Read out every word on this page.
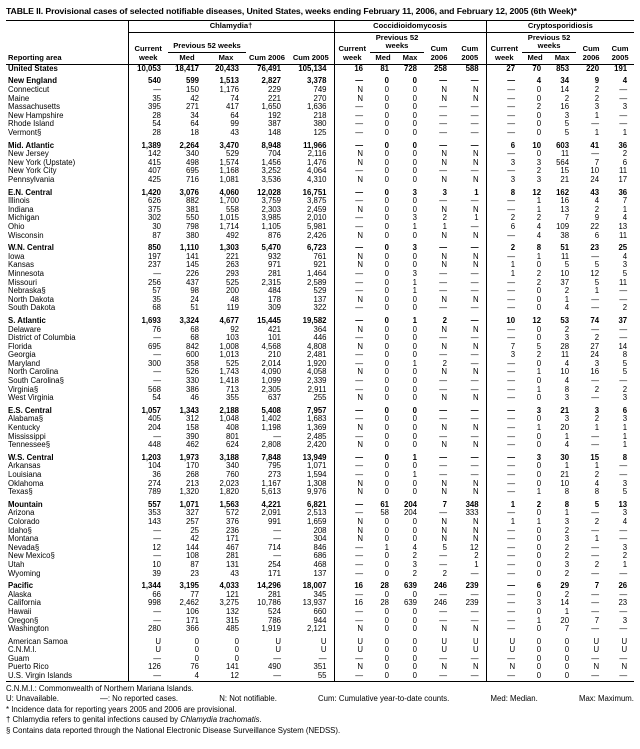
TABLE II. Provisional cases of selected notifiable diseases, United States, weeks ending February 11, 2006, and February 12, 2005 (6th Week)*
Reporting area	Chlamydia†					Coccidioidomycosis					Cryptosporidiosis				
	Current week	Previous 52 weeks		Cum 2006	Cum 2005	Current week	Previous 52 weeks		Cum 2006	Cum 2005	Current week	Previous 52 weeks		Cum 2006	Cum 2005
		Med	Max				Med	Max				Med	Max		
United States	10,053	18,417	20,433	76,491	105,134	16	81	728	258	588	27	70	853	220	191

New England	540	599	1,513	2,827	3,378	—	0	0	—	—	—	4	34	9	4
Connecticut	—	150	1,176	229	749	N	0	0	N	N	—	0	14	2	—
Maine	35	42	74	221	270	N	0	0	N	N	—	0	2	2	—
Massachusetts	395	271	417	1,650	1,636	—	0	0	—	—	—	2	16	3	3
New Hampshire	28	34	64	192	218	—	0	0	—	—	—	0	3	1	—
Rhode Island	54	64	99	387	380	—	0	0	—	—	—	0	5	—	—
Vermont§	28	18	43	148	125	—	0	0	—	—	—	0	5	1	1

Mid. Atlantic	1,389	2,264	3,470	8,948	11,966	—	0	0	—	—	6	10	603	41	36
New Jersey	142	340	529	704	2,116	N	0	0	N	N	—	0	11	—	2
New York (Upstate)	415	498	1,574	1,456	1,476	N	0	0	N	N	3	3	564	7	6
New York City	407	695	1,168	3,252	4,064	—	0	0	—	—	—	2	15	10	11
Pennsylvania	425	716	1,081	3,536	4,310	N	0	0	N	N	3	3	21	24	17

E.N. Central	1,420	3,076	4,060	12,028	16,751	—	0	3	3	1	8	12	162	43	36
Illinois	626	882	1,700	3,759	3,875	—	0	0	—	—	—	1	16	4	7
Indiana	375	381	558	2,303	2,459	N	0	0	N	N	—	1	13	2	1
Michigan	302	550	1,015	3,985	2,010	—	0	3	2	1	2	2	7	9	4
Ohio	30	798	1,714	1,105	5,981	—	0	1	1	—	6	4	109	22	13
Wisconsin	87	380	492	876	2,426	N	0	0	N	N	—	4	38	6	11

W.N. Central	850	1,110	1,303	5,470	6,723	—	0	3	—	—	2	8	51	23	25
Iowa	197	141	221	932	761	N	0	0	N	N	—	1	11	—	4
Kansas	237	145	263	971	921	N	0	0	N	N	1	0	5	5	3
Minnesota	—	226	293	281	1,464	—	0	3	—	—	1	2	10	12	5
Missouri	256	437	525	2,315	2,589	—	0	1	—	—	—	2	37	5	11
Nebraska§	57	98	200	484	529	—	0	1	—	—	—	0	2	1	—
North Dakota	35	24	48	178	137	N	0	0	N	N	—	0	1	—	—
South Dakota	68	51	119	309	322	—	0	0	—	—	—	0	4	—	2

S. Atlantic	1,693	3,324	4,677	15,445	19,582	—	0	1	2	—	10	12	53	74	37
Delaware	76	68	92	421	364	N	0	0	N	N	—	0	2	—	—
District of Columbia	—	68	103	101	446	—	0	0	—	—	—	0	3	2	—
Florida	695	842	1,008	4,568	4,808	N	0	0	N	N	7	5	28	27	14
Georgia	—	600	1,013	210	2,481	—	0	0	—	—	3	2	11	24	8
Maryland	300	358	525	2,014	1,920	—	0	1	2	—	—	0	4	3	5
North Carolina	—	526	1,743	4,090	4,058	N	0	0	N	N	—	1	10	16	5
South Carolina§	—	330	1,418	1,099	2,339	—	0	0	—	—	—	0	4	—	—
Virginia§	568	386	713	2,305	2,911	—	0	0	—	—	—	1	8	2	2
West Virginia	54	46	355	637	255	N	0	0	N	N	—	0	3	—	3

E.S. Central	1,057	1,343	2,188	5,408	7,957	—	0	0	—	—	—	3	21	3	6
Alabama§	405	312	1,048	1,402	1,683	—	0	0	—	—	—	0	3	2	3
Kentucky	204	158	408	1,198	1,369	N	0	0	N	N	—	1	20	1	1
Mississippi	—	390	801	—	2,485	—	0	0	—	—	—	0	1	—	1
Tennessee§	448	462	624	2,808	2,420	N	0	0	N	N	—	0	4	—	1

W.S. Central	1,203	1,973	3,188	7,848	13,949	—	0	1	—	—	—	3	30	15	8
Arkansas	104	170	340	795	1,071	—	0	0	—	—	—	0	1	1	—
Louisiana	36	268	760	273	1,594	—	0	1	—	—	—	0	21	2	—
Oklahoma	274	213	2,023	1,167	1,308	N	0	0	N	N	—	0	10	4	3
Texas§	789	1,320	1,820	5,613	9,976	N	0	0	N	N	—	1	8	8	5

Mountain	557	1,071	1,563	4,221	6,821	—	61	204	7	348	1	2	8	5	13
Arizona	353	327	572	2,091	2,513	—	58	204	—	333	—	0	1	—	3
Colorado	143	257	376	991	1,659	N	0	0	N	N	1	1	3	2	4
Idaho§	—	25	236	—	208	N	0	0	N	N	—	0	2	—	—
Montana	—	42	171	—	304	N	0	0	N	N	—	0	3	1	—
Nevada§	12	144	467	714	846	—	1	4	5	12	—	0	2	—	3
New Mexico§	—	108	281	—	686	—	0	2	—	2	—	0	2	—	2
Utah	10	87	131	254	468	—	0	3	—	1	—	0	3	2	1
Wyoming	39	23	43	171	137	—	0	2	2	—	—	0	2	—	—

Pacific	1,344	3,195	4,033	14,296	18,007	16	28	639	246	239	—	6	29	7	26
Alaska	66	77	121	281	345	—	0	0	—	—	—	0	2	—	—
California	998	2,462	3,275	10,786	13,937	16	28	639	246	239	—	3	14	—	23
Hawaii	—	106	132	524	660	—	0	0	—	—	—	0	1	—	—
Oregon§	—	171	315	786	944	—	0	0	—	—	—	1	20	7	3
Washington	280	366	485	1,919	2,121	N	0	0	N	N	—	0	7	—	—

American Samoa	U	0	0	U	U	U	0	0	U	U	U	0	0	U	U
C.N.M.I.	U	0	0	U	U	U	0	0	U	U	U	0	0	U	U
Guam	—	0	0	—	—	—	0	0	—	—	—	0	0	—	—
Puerto Rico	126	76	141	490	351	N	0	0	N	N	N	0	0	N	N
U.S. Virgin Islands	—	4	12	—	55	—	0	0	—	—	—	0	0	—	—
C.N.M.I.: Commonwealth of Northern Mariana Islands.
U: Unavailable.	—: No reported cases.	N: Not notifiable.	Cum: Cumulative year-to-date counts.	Med: Median.	Max: Maximum.
* Incidence data for reporting years 2005 and 2006 are provisional.
† Chlamydia refers to genital infections caused by Chlamydia trachomatis.
§ Contains data reported through the National Electronic Disease Surveillance System (NEDSS).
